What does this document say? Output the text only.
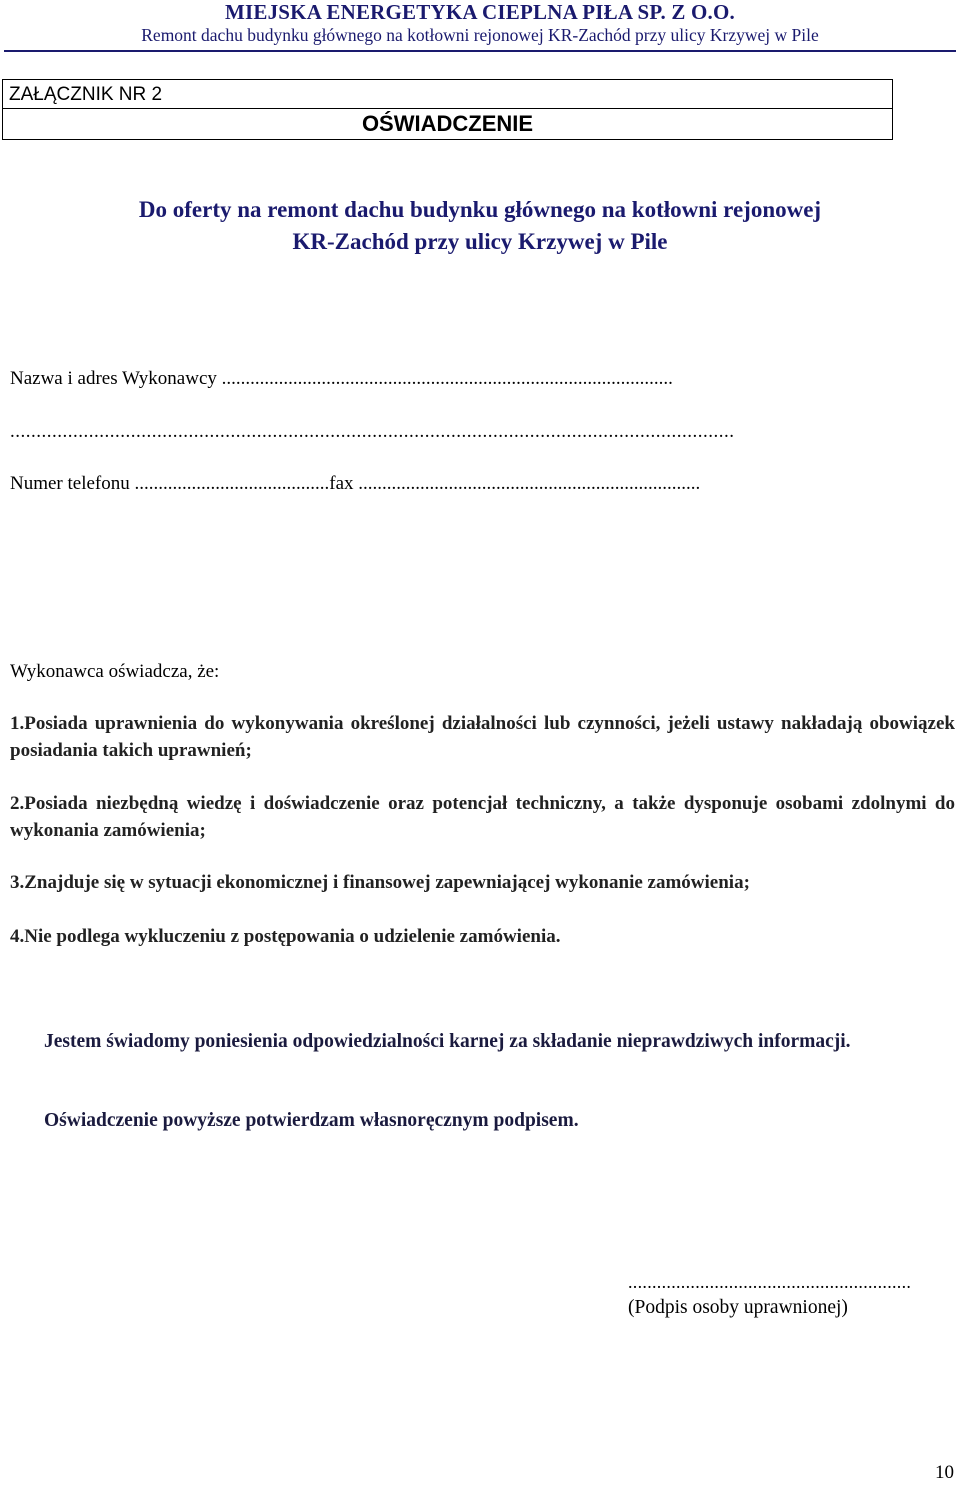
MIEJSKA ENERGETYKA CIEPLNA PIŁA SP. Z O.O.
Remont dachu budynku głównego na kotłowni rejonowej KR-Zachód przy ulicy Krzywej w Pile
ZAŁĄCZNIK NR 2
OŚWIADCZENIE
Do oferty na remont dachu budynku głównego na kotłowni rejonowej
KR-Zachód przy ulicy Krzywej w Pile
Nazwa i adres Wykonawcy ...............................................................................................
..........................................................................................................................................
Numer telefonu .........................................fax ........................................................................
Wykonawca oświadcza, że:
1.Posiada uprawnienia do wykonywania określonej działalności lub czynności, jeżeli ustawy nakładają obowiązek posiadania takich uprawnień;
2.Posiada niezbędną wiedzę i doświadczenie oraz potencjał techniczny, a także dysponuje osobami zdolnymi do wykonania zamówienia;
3.Znajduje się w sytuacji ekonomicznej i finansowej zapewniającej wykonanie zamówienia;
4.Nie podlega wykluczeniu z postępowania o udzielenie zamówienia.
Jestem świadomy poniesienia odpowiedzialności karnej za składanie nieprawdziwych informacji.
Oświadczenie powyższe potwierdzam własnoręcznym podpisem.
...........................................................
(Podpis osoby uprawnionej)
10
